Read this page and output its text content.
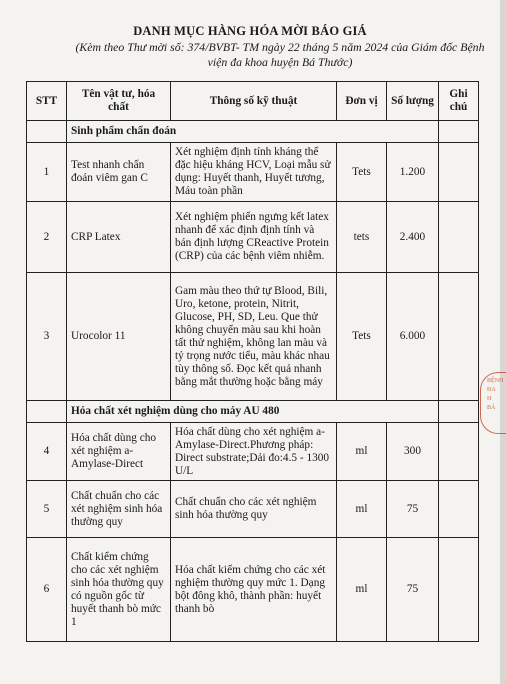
DANH MỤC HÀNG HÓA MỜI BÁO GIÁ
(Kèm theo Thư mời số: 374/BVBT- TM ngày 22 tháng 5 năm 2024 của Giám đốc Bệnh viện đa khoa huyện Bá Thước)
BỆNH
ĐA
H
BÁ
STT	Tên vật tư, hóa chất	Thông số kỹ thuật	Đơn vị	Số lượng	Ghi chú
	Sinh phẩm chẩn đoán				
1	Test nhanh chẩn đoán viêm gan C	Xét nghiệm định tính kháng thể đặc hiệu kháng HCV, Loại mẫu sử dụng: Huyết thanh, Huyết tương, Máu toàn phần	Tets	1.200	
2	CRP Latex	Xét nghiệm phiến ngưng kết latex nhanh để xác định định tính và bán định lượng CReactive Protein (CRP) của các bệnh viêm nhiễm.	tets	2.400	
3	Urocolor 11	Gam màu theo thứ tự Blood, Bili, Uro, ketone, protein, Nitrit, Glucose, PH, SD, Leu. Que thử không chuyển màu sau khi hoàn tất thử nghiệm, không lan màu và tỷ trọng nước tiểu, màu khác nhau tùy thông số. Đọc kết quả nhanh bằng mắt thường hoặc bằng máy	Tets	6.000	
	Hóa chất xét nghiệm dùng cho máy AU 480				
4	Hóa chất dùng cho xét nghiệm a-Amylase-Direct	Hóa chất dùng cho xét nghiệm a-Amylase-Direct.Phương pháp: Direct substrate;Dải đo:4.5 - 1300 U/L	ml	300	
5	Chất chuẩn cho các xét nghiệm sinh hóa thường quy	Chất chuẩn cho các xét nghiệm sinh hóa thường quy	ml	75	
6	Chất kiểm chứng cho các xét nghiệm sinh hóa thường quy có nguồn gốc từ huyết thanh bò mức 1	Hóa chất kiểm chứng cho các xét nghiệm thường quy mức 1. Dạng bột đông khô, thành phần: huyết thanh bò	ml	75	
